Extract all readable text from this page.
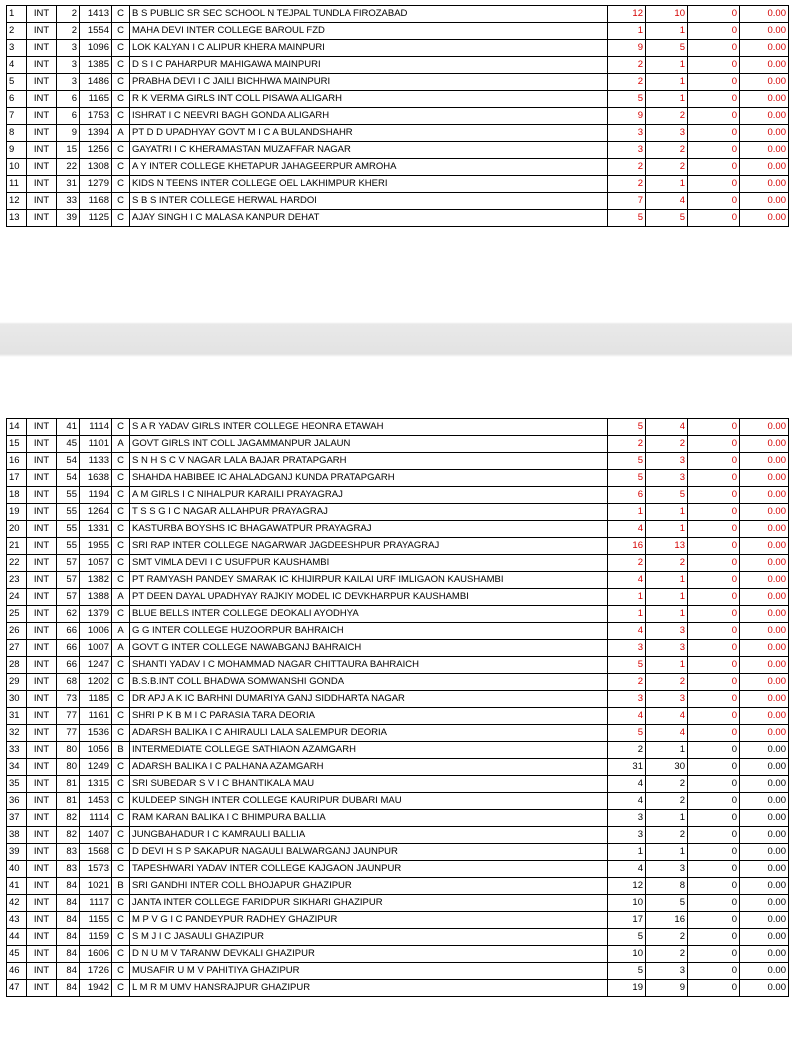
1	INT	2	1413	C	B S PUBLIC SR SEC SCHOOL N TEJPAL TUNDLA FIROZABAD	12	10	0	0.00
2	INT	2	1554	C	MAHA DEVI INTER COLLEGE BAROUL FZD	1	1	0	0.00
3	INT	3	1096	C	LOK KALYAN I C ALIPUR KHERA MAINPURI	9	5	0	0.00
4	INT	3	1385	C	D S I C PAHARPUR MAHIGAWA MAINPURI	2	1	0	0.00
5	INT	3	1486	C	PRABHA DEVI I C JAILI BICHHWA MAINPURI	2	1	0	0.00
6	INT	6	1165	C	R K VERMA GIRLS INT COLL PISAWA ALIGARH	5	1	0	0.00
7	INT	6	1753	C	ISHRAT I C NEEVRI BAGH GONDA ALIGARH	9	2	0	0.00
8	INT	9	1394	A	PT D D UPADHYAY GOVT M I C A BULANDSHAHR	3	3	0	0.00
9	INT	15	1256	C	GAYATRI I C KHERAMASTAN MUZAFFAR NAGAR	3	2	0	0.00
10	INT	22	1308	C	A Y INTER COLLEGE KHETAPUR JAHAGEERPUR AMROHA	2	2	0	0.00
11	INT	31	1279	C	KIDS N TEENS INTER COLLEGE OEL LAKHIMPUR KHERI	2	1	0	0.00
12	INT	33	1168	C	S B S INTER COLLEGE HERWAL HARDOI	7	4	0	0.00
13	INT	39	1125	C	AJAY SINGH I C MALASA KANPUR DEHAT	5	5	0	0.00
14	INT	41	1114	C	S A R YADAV GIRLS INTER COLLEGE HEONRA ETAWAH	5	4	0	0.00
15	INT	45	1101	A	GOVT GIRLS INT COLL JAGAMMANPUR JALAUN	2	2	0	0.00
16	INT	54	1133	C	S N H S C V NAGAR LALA BAJAR PRATAPGARH	5	3	0	0.00
17	INT	54	1638	C	SHAHDA HABIBEE IC AHALADGANJ KUNDA PRATAPGARH	5	3	0	0.00
18	INT	55	1194	C	A M GIRLS I C NIHALPUR KARAILI PRAYAGRAJ	6	5	0	0.00
19	INT	55	1264	C	T S S G I C NAGAR ALLAHPUR PRAYAGRAJ	1	1	0	0.00
20	INT	55	1331	C	KASTURBA BOYSHS IC BHAGAWATPUR PRAYAGRAJ	4	1	0	0.00
21	INT	55	1955	C	SRI RAP INTER COLLEGE NAGARWAR JAGDEESHPUR PRAYAGRAJ	16	13	0	0.00
22	INT	57	1057	C	SMT VIMLA DEVI I C USUFPUR KAUSHAMBI	2	2	0	0.00
23	INT	57	1382	C	PT RAMYASH PANDEY SMARAK IC KHIJIRPUR KAILAI URF IMLIGAON KAUSHAMBI	4	1	0	0.00
24	INT	57	1388	A	PT DEEN DAYAL UPADHYAY RAJKIY MODEL IC DEVKHARPUR KAUSHAMBI	1	1	0	0.00
25	INT	62	1379	C	BLUE BELLS INTER COLLEGE DEOKALI AYODHYA	1	1	0	0.00
26	INT	66	1006	A	G G INTER COLLEGE HUZOORPUR BAHRAICH	4	3	0	0.00
27	INT	66	1007	A	GOVT G INTER COLLEGE NAWABGANJ BAHRAICH	3	3	0	0.00
28	INT	66	1247	C	SHANTI YADAV I C MOHAMMAD NAGAR CHITTAURA BAHRAICH	5	1	0	0.00
29	INT	68	1202	C	B.S.B.INT COLL BHADWA SOMWANSHI GONDA	2	2	0	0.00
30	INT	73	1185	C	DR APJ A K IC BARHNI DUMARIYA GANJ SIDDHARTA NAGAR	3	3	0	0.00
31	INT	77	1161	C	SHRI P K B M I C PARASIA TARA DEORIA	4	4	0	0.00
32	INT	77	1536	C	ADARSH BALIKA I C AHIRAULI LALA SALEMPUR DEORIA	5	4	0	0.00
33	INT	80	1056	B	INTERMEDIATE COLLEGE SATHIAON AZAMGARH	2	1	0	0.00
34	INT	80	1249	C	ADARSH BALIKA I C PALHANA AZAMGARH	31	30	0	0.00
35	INT	81	1315	C	SRI SUBEDAR S V I C BHANTIKALA MAU	4	2	0	0.00
36	INT	81	1453	C	KULDEEP SINGH INTER COLLEGE KAURIPUR DUBARI MAU	4	2	0	0.00
37	INT	82	1114	C	RAM KARAN BALIKA I C BHIMPURA BALLIA	3	1	0	0.00
38	INT	82	1407	C	JUNGBAHADUR I C KAMRAULI BALLIA	3	2	0	0.00
39	INT	83	1568	C	D DEVI H S P SAKAPUR NAGAULI BALWARGANJ JAUNPUR	1	1	0	0.00
40	INT	83	1573	C	TAPESHWARI YADAV INTER COLLEGE KAJGAON JAUNPUR	4	3	0	0.00
41	INT	84	1021	B	SRI GANDHI INTER COLL BHOJAPUR GHAZIPUR	12	8	0	0.00
42	INT	84	1117	C	JANTA INTER COLLEGE FARIDPUR SIKHARI GHAZIPUR	10	5	0	0.00
43	INT	84	1155	C	M P V G I C PANDEYPUR RADHEY GHAZIPUR	17	16	0	0.00
44	INT	84	1159	C	S M J I C JASAULI GHAZIPUR	5	2	0	0.00
45	INT	84	1606	C	D N U M V TARANW DEVKALI GHAZIPUR	10	2	0	0.00
46	INT	84	1726	C	MUSAFIR U M V PAHITIYA GHAZIPUR	5	3	0	0.00
47	INT	84	1942	C	L M R M UMV HANSRAJPUR GHAZIPUR	19	9	0	0.00
